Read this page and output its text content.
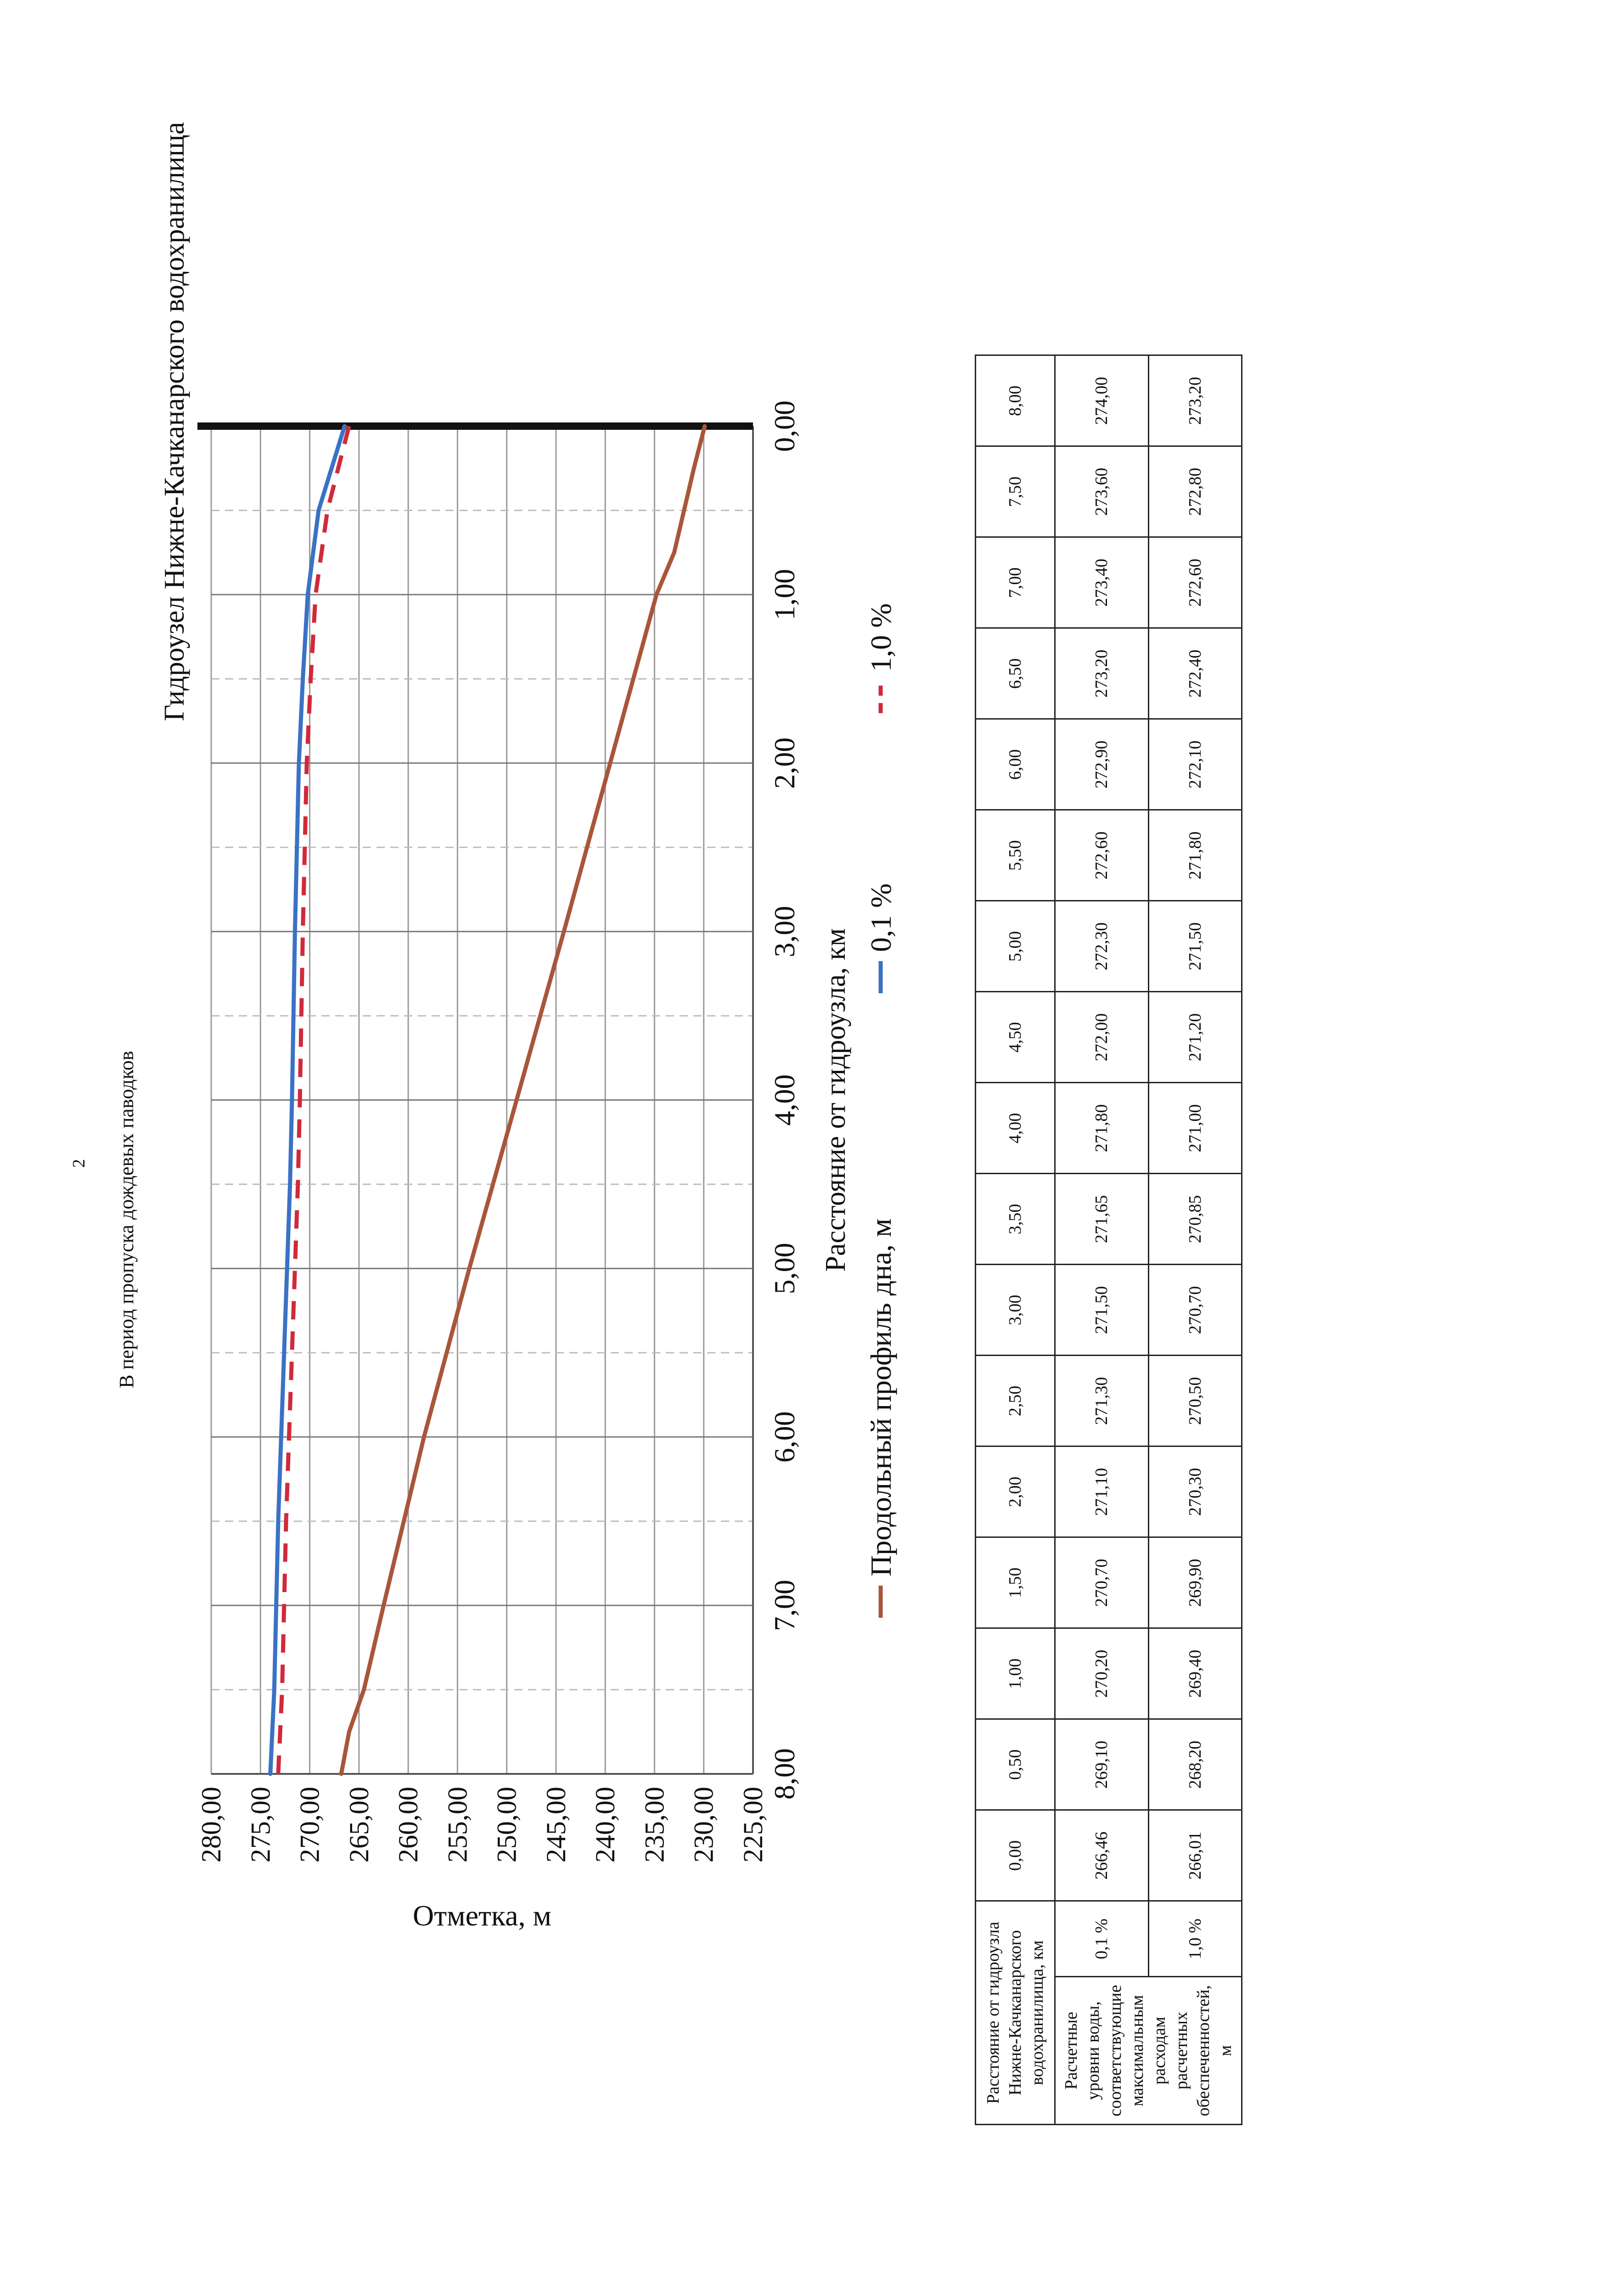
2 В период пропуска дождевых паводков
225,00
230,00
235,00
240,00
245,00
250,00
255,00
260,00
265,00
270,00
275,00
280,00
0,00
1,00
2,00
3,00
4,00
5,00
6,00
7,00
8,00
Расстояние от гидроузла, км
Отметка, м
Гидроузел Нижне-Качканарского водохранилища
Продольный профиль дна, м
0,1 %
1,0 %
Расстояние от гидроузла Нижне-Качканарского водохранилища, км		0,00	0,50	1,00	1,50	2,00	2,50	3,00	3,50	4,00	4,50	5,00	5,50	6,00	6,50	7,00	7,50	8,00
Расчетные уровни воды, соответствующие максимальным расходам расчетных обеспеченностей, м	0,1 %	266,46	269,10	270,20	270,70	271,10	271,30	271,50	271,65	271,80	272,00	272,30	272,60	272,90	273,20	273,40	273,60	274,00
	1,0 %	266,01	268,20	269,40	269,90	270,30	270,50	270,70	270,85	271,00	271,20	271,50	271,80	272,10	272,40	272,60	272,80	273,20
